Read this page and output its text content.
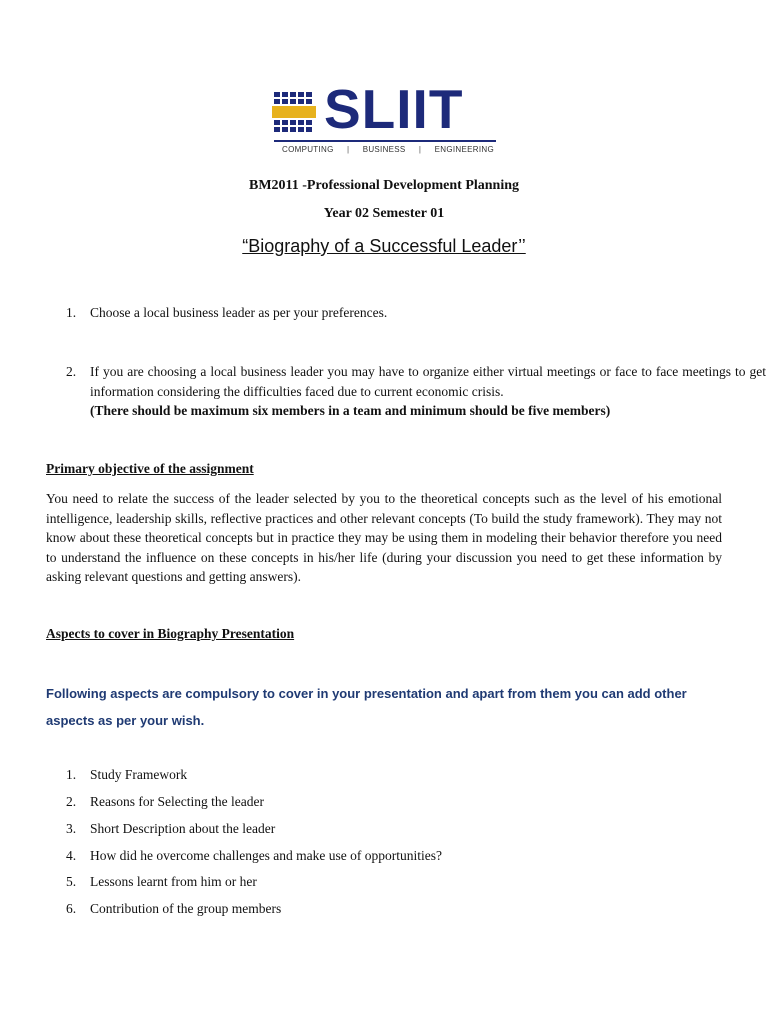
SLIIT
COMPUTING | BUSINESS | ENGINEERING
BM2011 -Professional Development Planning
Year 02 Semester 01
“Biography of a Successful Leader’’
1. Choose a local business leader as per your preferences.
2. If you are choosing a local business leader you may have to organize either virtual meetings or face to face meetings to get information considering the difficulties faced due to current economic crisis.
(There should be maximum six members in a team and minimum should be five members)
Primary objective of the assignment
You need to relate the success of the leader selected by you to the theoretical concepts such as the level of his emotional intelligence, leadership skills, reflective practices and other relevant concepts (To build the study framework). They may not know about these theoretical concepts but in practice they may be using them in modeling their behavior therefore you need to understand the influence on these concepts in his/her life (during your discussion you need to get these information by asking relevant questions and getting answers).
Aspects to cover in Biography Presentation
Following aspects are compulsory to cover in your presentation and apart from them you can add other aspects as per your wish.
1. Study Framework
2. Reasons for Selecting the leader
3. Short Description about the leader
4. How did he overcome challenges and make use of opportunities?
5. Lessons learnt from him or her
6. Contribution of the group members
